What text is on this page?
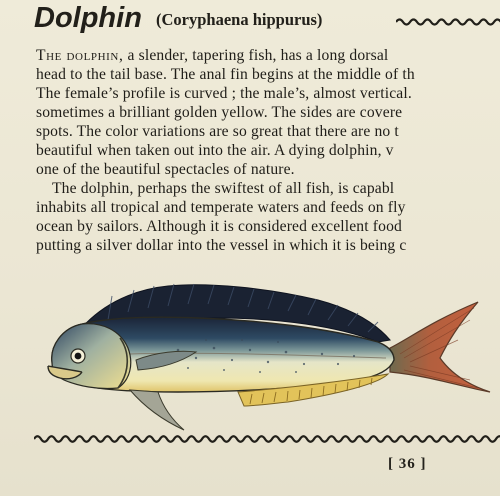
Dolphin (Coryphaena hippurus)
The dolphin, a slender, tapering fish, has a long dorsal
head to the tail base. The anal fin begins at the middle of th
The female’s profile is curved ; the male’s, almost vertical.
sometimes a brilliant golden yellow. The sides are covere
spots. The color variations are so great that there are no t
beautiful when taken out into the air. A dying dolphin, v
one of the beautiful spectacles of nature.
The dolphin, perhaps the swiftest of all fish, is capabl
inhabits all tropical and temperate waters and feeds on fly
ocean by sailors. Although it is considered excellent food
putting a silver dollar into the vessel in which it is being c
[ 36 ]
